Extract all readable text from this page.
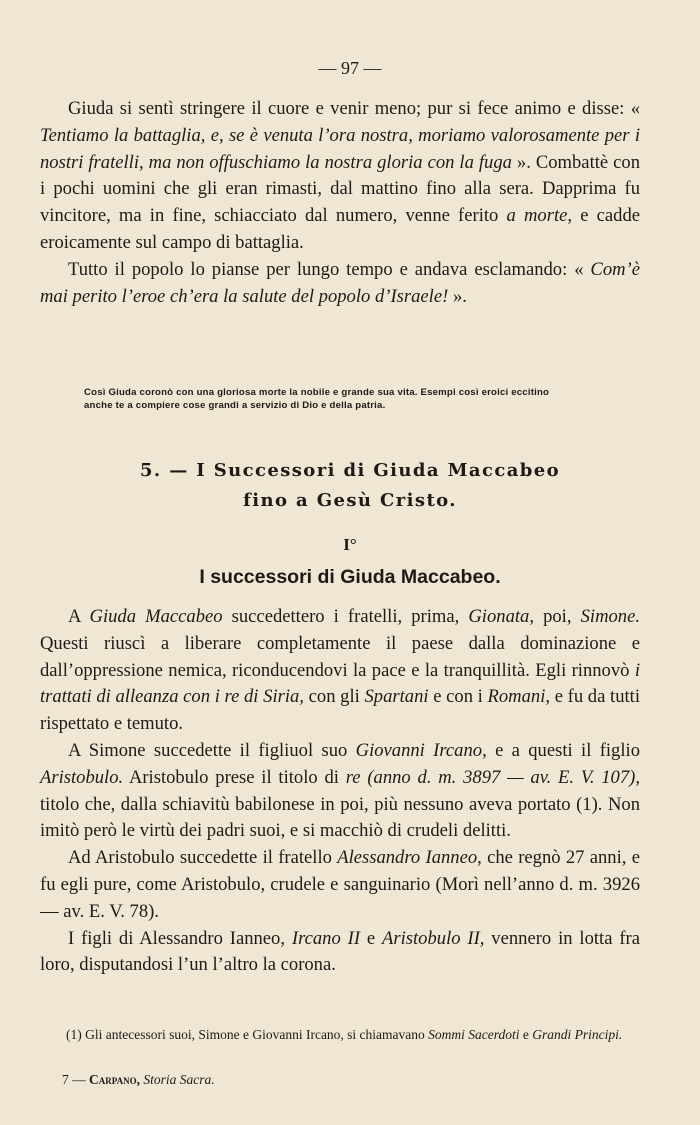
— 97 —

Giuda si sentì stringere il cuore e venir meno; pur si fece animo e disse: « Tentiamo la battaglia, e, se è venuta l’ora nostra, moriamo valorosamente per i nostri fratelli, ma non offuschiamo la nostra gloria con la fuga ». Combattè con i pochi uomini che gli eran rimasti, dal mattino fino alla sera. Dapprima fu vincitore, ma in fine, schiacciato dal numero, venne ferito a morte, e cadde eroicamente sul campo di battaglia.

Tutto il popolo lo pianse per lungo tempo e andava esclamando: « Com’è mai perito l’eroe ch’era la salute del popolo d’Israele! ».

Così Giuda coronò con una gloriosa morte la nobile e grande sua vita. Esempi così eroici eccitino anche te a compiere cose grandi a servizio di Dio e della patria.
5. — I Successori di Giuda Maccabeo
fino a Gesù Cristo.
I°
I successori di Giuda Maccabeo.

A Giuda Maccabeo succedettero i fratelli, prima, Gionata, poi, Simone. Questi riuscì a liberare completamente il paese dalla dominazione e dall’oppressione nemica, riconducendovi la pace e la tranquillità. Egli rinnovò i trattati di alleanza con i re di Siria, con gli Spartani e con i Romani, e fu da tutti rispettato e temuto.

A Simone succedette il figliuol suo Giovanni Ircano, e a questi il figlio Aristobulo. Aristobulo prese il titolo di re (anno d. m. 3897 — av. E. V. 107), titolo che, dalla schiavitù babilonese in poi, più nessuno aveva portato (1). Non imitò però le virtù dei padri suoi, e si macchiò di crudeli delitti.

Ad Aristobulo succedette il fratello Alessandro Ianneo, che regnò 27 anni, e fu egli pure, come Aristobulo, crudele e sanguinario (Morì nell’anno d. m. 3926 — av. E. V. 78).

I figli di Alessandro Ianneo, Ircano II e Aristobulo II, vennero in lotta fra loro, disputandosi l’un l’altro la corona.

(1) Gli antecessori suoi, Simone e Giovanni Ircano, si chiamavano Sommi Sacerdoti e Grandi Principi.
7 — Carpano, Storia Sacra.
